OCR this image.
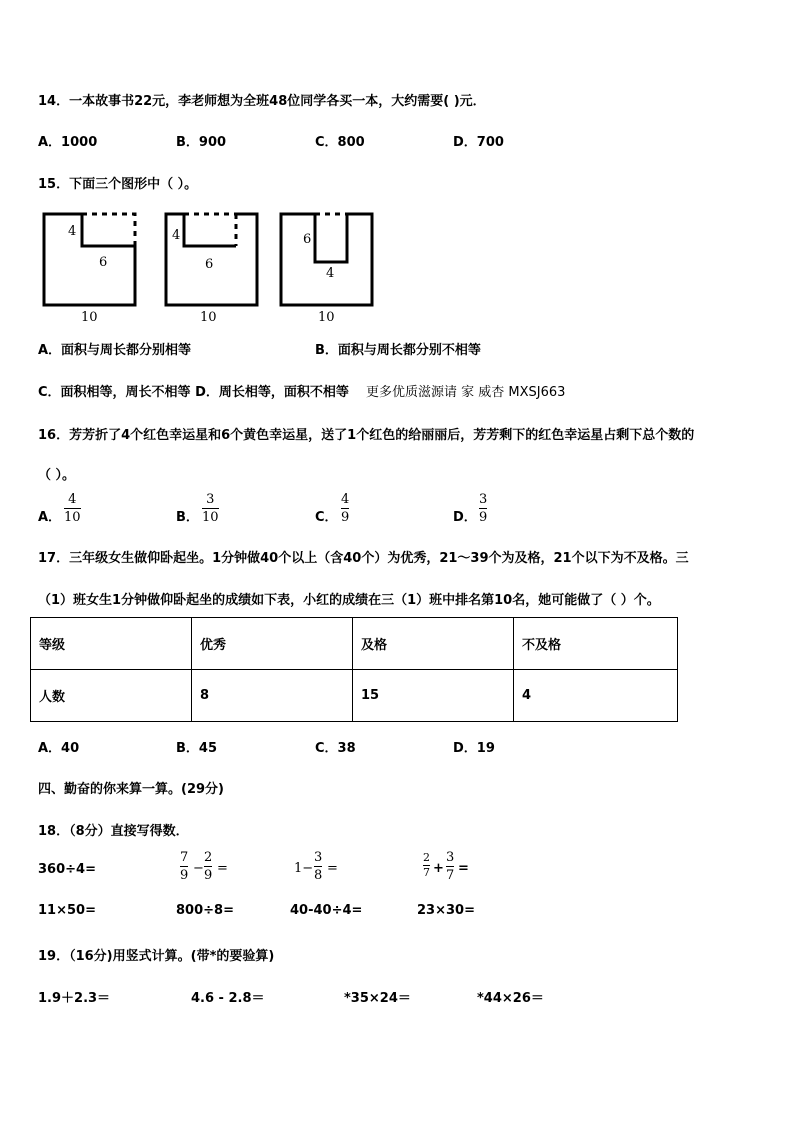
14．一本故事书22元，李老师想为全班48位同学各买一本，大约需要( )元．
A．1000	B．900	C．800	D．700
15．下面三个图形中（ ）。
4
6
10
4
6
10
6
4
10
A．面积与周长都分别相等	B．面积与周长都分别不相等
C．面积相等，周长不相等 D．周长相等，面积不相等 更多优质滋源请 家 威杏 MXSJ663
16．芳芳折了4个红色幸运星和6个黄色幸运星，送了1个红色的给丽丽后，芳芳剩下的红色幸运星占剩下总个数的
（ ）。
A．
4
10	B．
3
10	C．
4
9	D．
3
9
17．三年级女生做仰卧起坐。1分钟做40个以上（含40个）为优秀，21～39个为及格，21个以下为不及格。三
（1）班女生1分钟做仰卧起坐的成绩如下表，小红的成绩在三（1）班中排名第10名，她可能做了（ ）个。
等级	优秀	及格	不及格
人数	8	15	4
A．40	B．45	C．38	D．19
四、勤奋的你来算一算。(29分)
18．（8分）直接写得数．
360÷4=
7
9 −
2
9 =	1−
3
8 =
2
7 +
3
7 =
11×50=	800÷8=	40-40÷4=	23×30=
19．（16分)用竖式计算。(带*的要验算)
1.9＋2.3＝	4.6 - 2.8＝	*35×24＝	*44×26＝
